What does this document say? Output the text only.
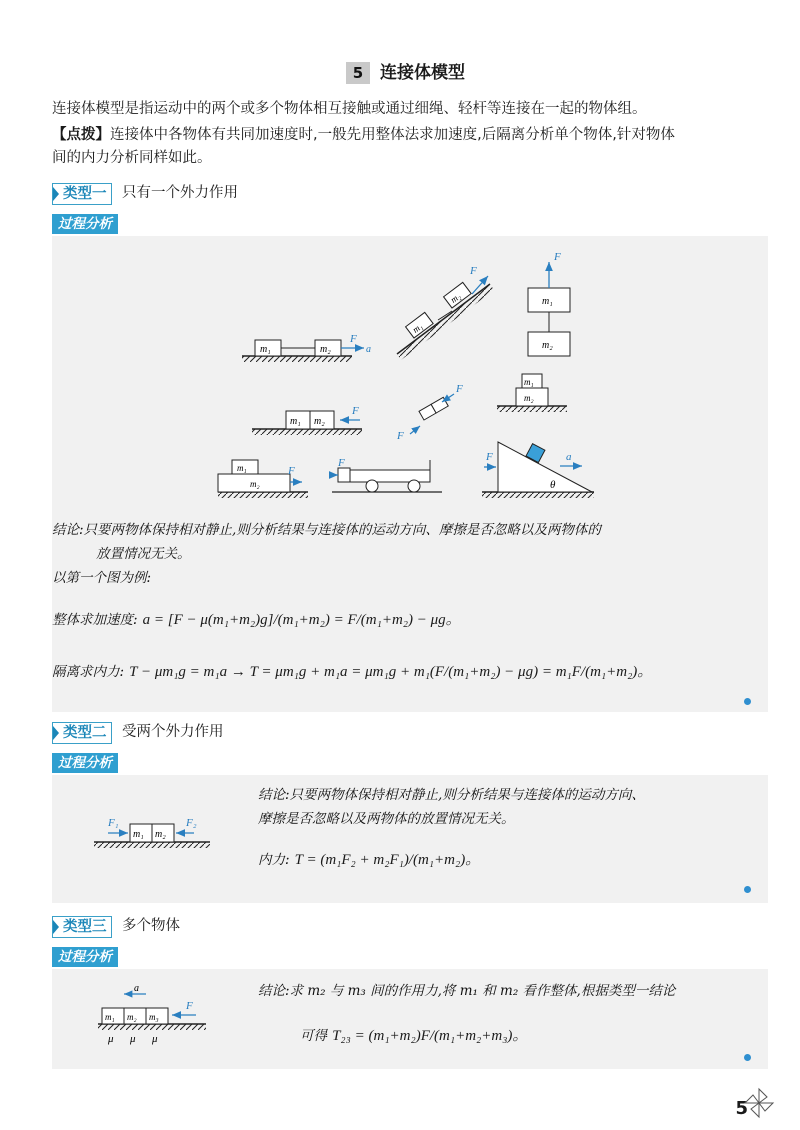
5 连接体模型
连接体模型是指运动中的两个或多个物体相互接触或通过细绳、轻杆等连接在一起的物体组。
【点拨】连接体中各物体有共同加速度时,一般先用整体法求加速度,后隔离分析单个物体,针对物体
间的内力分析同样如此。
类型一	只有一个外力作用
过程分析
m₁	m₂
F
a
m₁
m₂
F
m₁
m₂
F
m₁
m₂
m₁ m₂
F
F
F
m₁
m₂
F
F	F	a
θ
结论:只要两物体保持相对静止,则分析结果与连接体的运动方向、摩擦是否忽略以及两物体的
放置情况无关。
以第一个图为例:
整体求加速度: a = [F − μ(m₁+m₂)g]/(m₁+m₂) = F/(m₁+m₂) − μg。
隔离求内力: T − μm₁g = m₁a → T = μm₁g + m₁a = μm₁g + m₁(F/(m₁+m₂) − μg) = m₁F/(m₁+m₂)。
类型二	受两个外力作用
过程分析
m₁ m₂
F₁	F₂
结论:只要两物体保持相对静止,则分析结果与连接体的运动方向、
摩擦是否忽略以及两物体的放置情况无关。
内力: T = (m₁F₂ + m₂F₁)/(m₁+m₂)。
类型三	多个物体
过程分析
a
m₁ m₂ m₃
F
μ μ μ
结论:求 m₂ 与 m₃ 间的作用力,将 m₁ 和 m₂ 看作整体,根据类型一结论
可得 T₂₃ = (m₁+m₂)F/(m₁+m₂+m₃)。
5
